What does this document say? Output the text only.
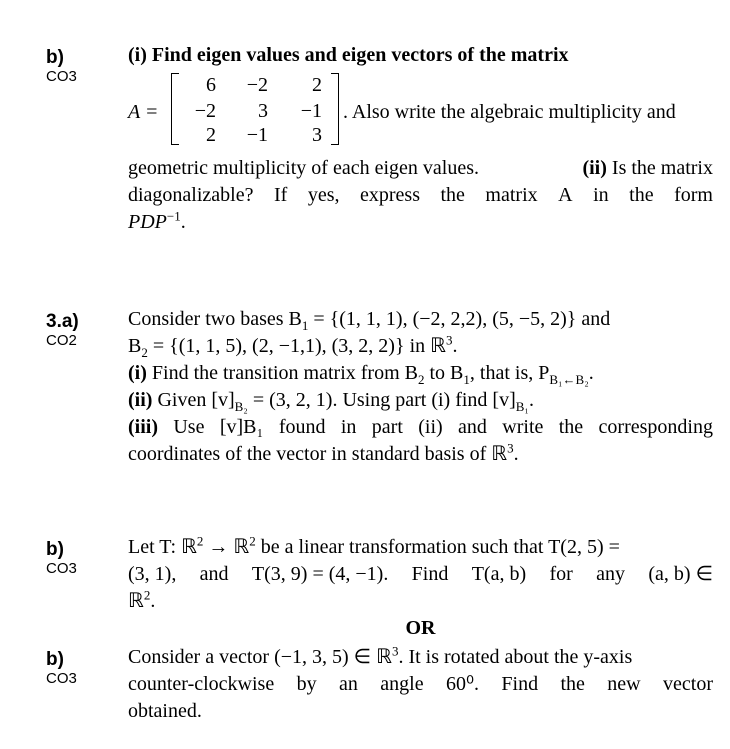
b)
CO3
(i) Find eigen values and eigen vectors of the matrix
A =
6	−2	2
−2	3	−1
2	−1	3
. Also write the algebraic multiplicity and
geometric multiplicity of each eigen values.	(ii) Is the matrix
diagonalizable? If yes, express the matrix A in the form
$PDP^{-1}$.
3.a)
CO2
Consider two bases $B_1 = \{(1$, 1, 1), (−2, 2,2), (5, −5, 2)} and
$B_2 = \{(1$, 1, 5), (2, −1,1), (3, 2, 2)} in ℝ$^3$.
(i) Find the transition matrix from $B_2$ to $B_1$, that is, $P_{B_1\leftarrow B_2}$.
(ii) Given $[v]_{B_2} = (3$, 2, 1). Using part (i) find $[v]_{B_1}$.
(iii) Use [v]B₁ found in part (ii) and write the corresponding
coordinates of the vector in standard basis of ℝ$^3$.
b)
CO3
Let T: ℝ$^2$ → ℝ$^2$ be a linear transformation such that T(2, 5) =
(3, 1), and T(3, 9) = (4, −1). Find T(a, b) for any (a, b) ∈
ℝ$^2$.
OR
b)
CO3
Consider a vector (−1, 3, 5) ∈ ℝ$^3$. It is rotated about the y-axis
counter-clockwise by an angle 60⁰. Find the new vector
obtained.
